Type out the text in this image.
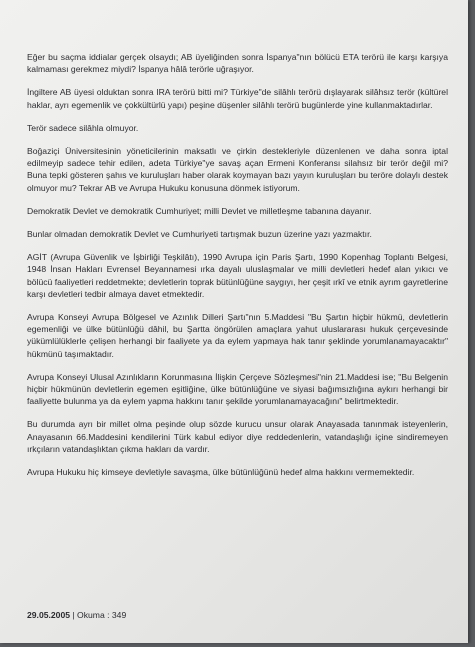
Eğer bu saçma iddialar gerçek olsaydı; AB üyeliğinden sonra İspanya"nın bölücü ETA terörü ile karşı karşıya kalmaması gerekmez miydi? İspanya hâlâ terörle uğraşıyor.

İngiltere AB üyesi olduktan sonra IRA terörü bitti mi? Türkiye"de silâhlı terörü dışlayarak silâhsız terör (kültürel haklar, ayrı egemenlik ve çokkültürlü yapı) peşine düşenler silâhlı terörü bugünlerde yine kullanmaktadırlar.

Terör sadece silâhla olmuyor.

Boğaziçi Üniversitesinin yöneticilerinin maksatlı ve çirkin destekleriyle düzenlenen ve daha sonra iptal edilmeyip sadece tehir edilen, adeta Türkiye"ye savaş açan Ermeni Konferansı silahsız bir terör değil mi? Buna tepki gösteren şahıs ve kuruluşları haber olarak koymayan bazı yayın kuruluşları bu teröre dolaylı destek olmuyor mu? Tekrar AB ve Avrupa Hukuku konusuna dönmek istiyorum.

Demokratik Devlet ve demokratik Cumhuriyet; milli Devlet ve milletleşme tabanına dayanır.

Bunlar olmadan demokratik Devlet ve Cumhuriyeti tartışmak buzun üzerine yazı yazmaktır.

AGİT (Avrupa Güvenlik ve İşbirliği Teşkilâtı), 1990 Avrupa için Paris Şartı, 1990 Kopenhag Toplantı Belgesi, 1948 İnsan Hakları Evrensel Beyannamesi ırka dayalı uluslaşmalar ve milli devletleri hedef alan yıkıcı ve bölücü faaliyetleri reddetmekte; devletlerin toprak bütünlüğüne saygıyı, her çeşit ırkî ve etnik ayrım gayretlerine karşı devletleri tedbir almaya davet etmektedir.

Avrupa Konseyi Avrupa Bölgesel ve Azınlık Dilleri Şartı"nın 5.Maddesi "Bu Şartın hiçbir hükmü, devletlerin egemenliği ve ülke bütünlüğü dâhil, bu Şartta öngörülen amaçlara yahut uluslararası hukuk çerçevesinde yükümlülüklerle çelişen herhangi bir faaliyete ya da eylem yapmaya hak tanır şeklinde yorumlanamayacaktır" hükmünü taşımaktadır.

Avrupa Konseyi Ulusal Azınlıkların Korunmasına İlişkin Çerçeve Sözleşmesi"nin 21.Maddesi ise; "Bu Belgenin hiçbir hükmünün devletlerin egemen eşitliğine, ülke bütünlüğüne ve siyasi bağımsızlığına aykırı herhangi bir faaliyette bulunma ya da eylem yapma hakkını tanır şekilde yorumlanamayacağını" belirtmektedir.

Bu durumda ayrı bir millet olma peşinde olup sözde kurucu unsur olarak Anayasada tanınmak isteyenlerin, Anayasanın 66.Maddesini kendilerini Türk kabul ediyor diye reddedenlerin, vatandaşlığı içine sindiremeyen ırkçıların vatandaşlıktan çıkma hakları da vardır.

Avrupa Hukuku hiç kimseye devletiyle savaşma, ülke bütünlüğünü hedef alma hakkını vermemektedir.

29.05.2005 | Okuma : 349
